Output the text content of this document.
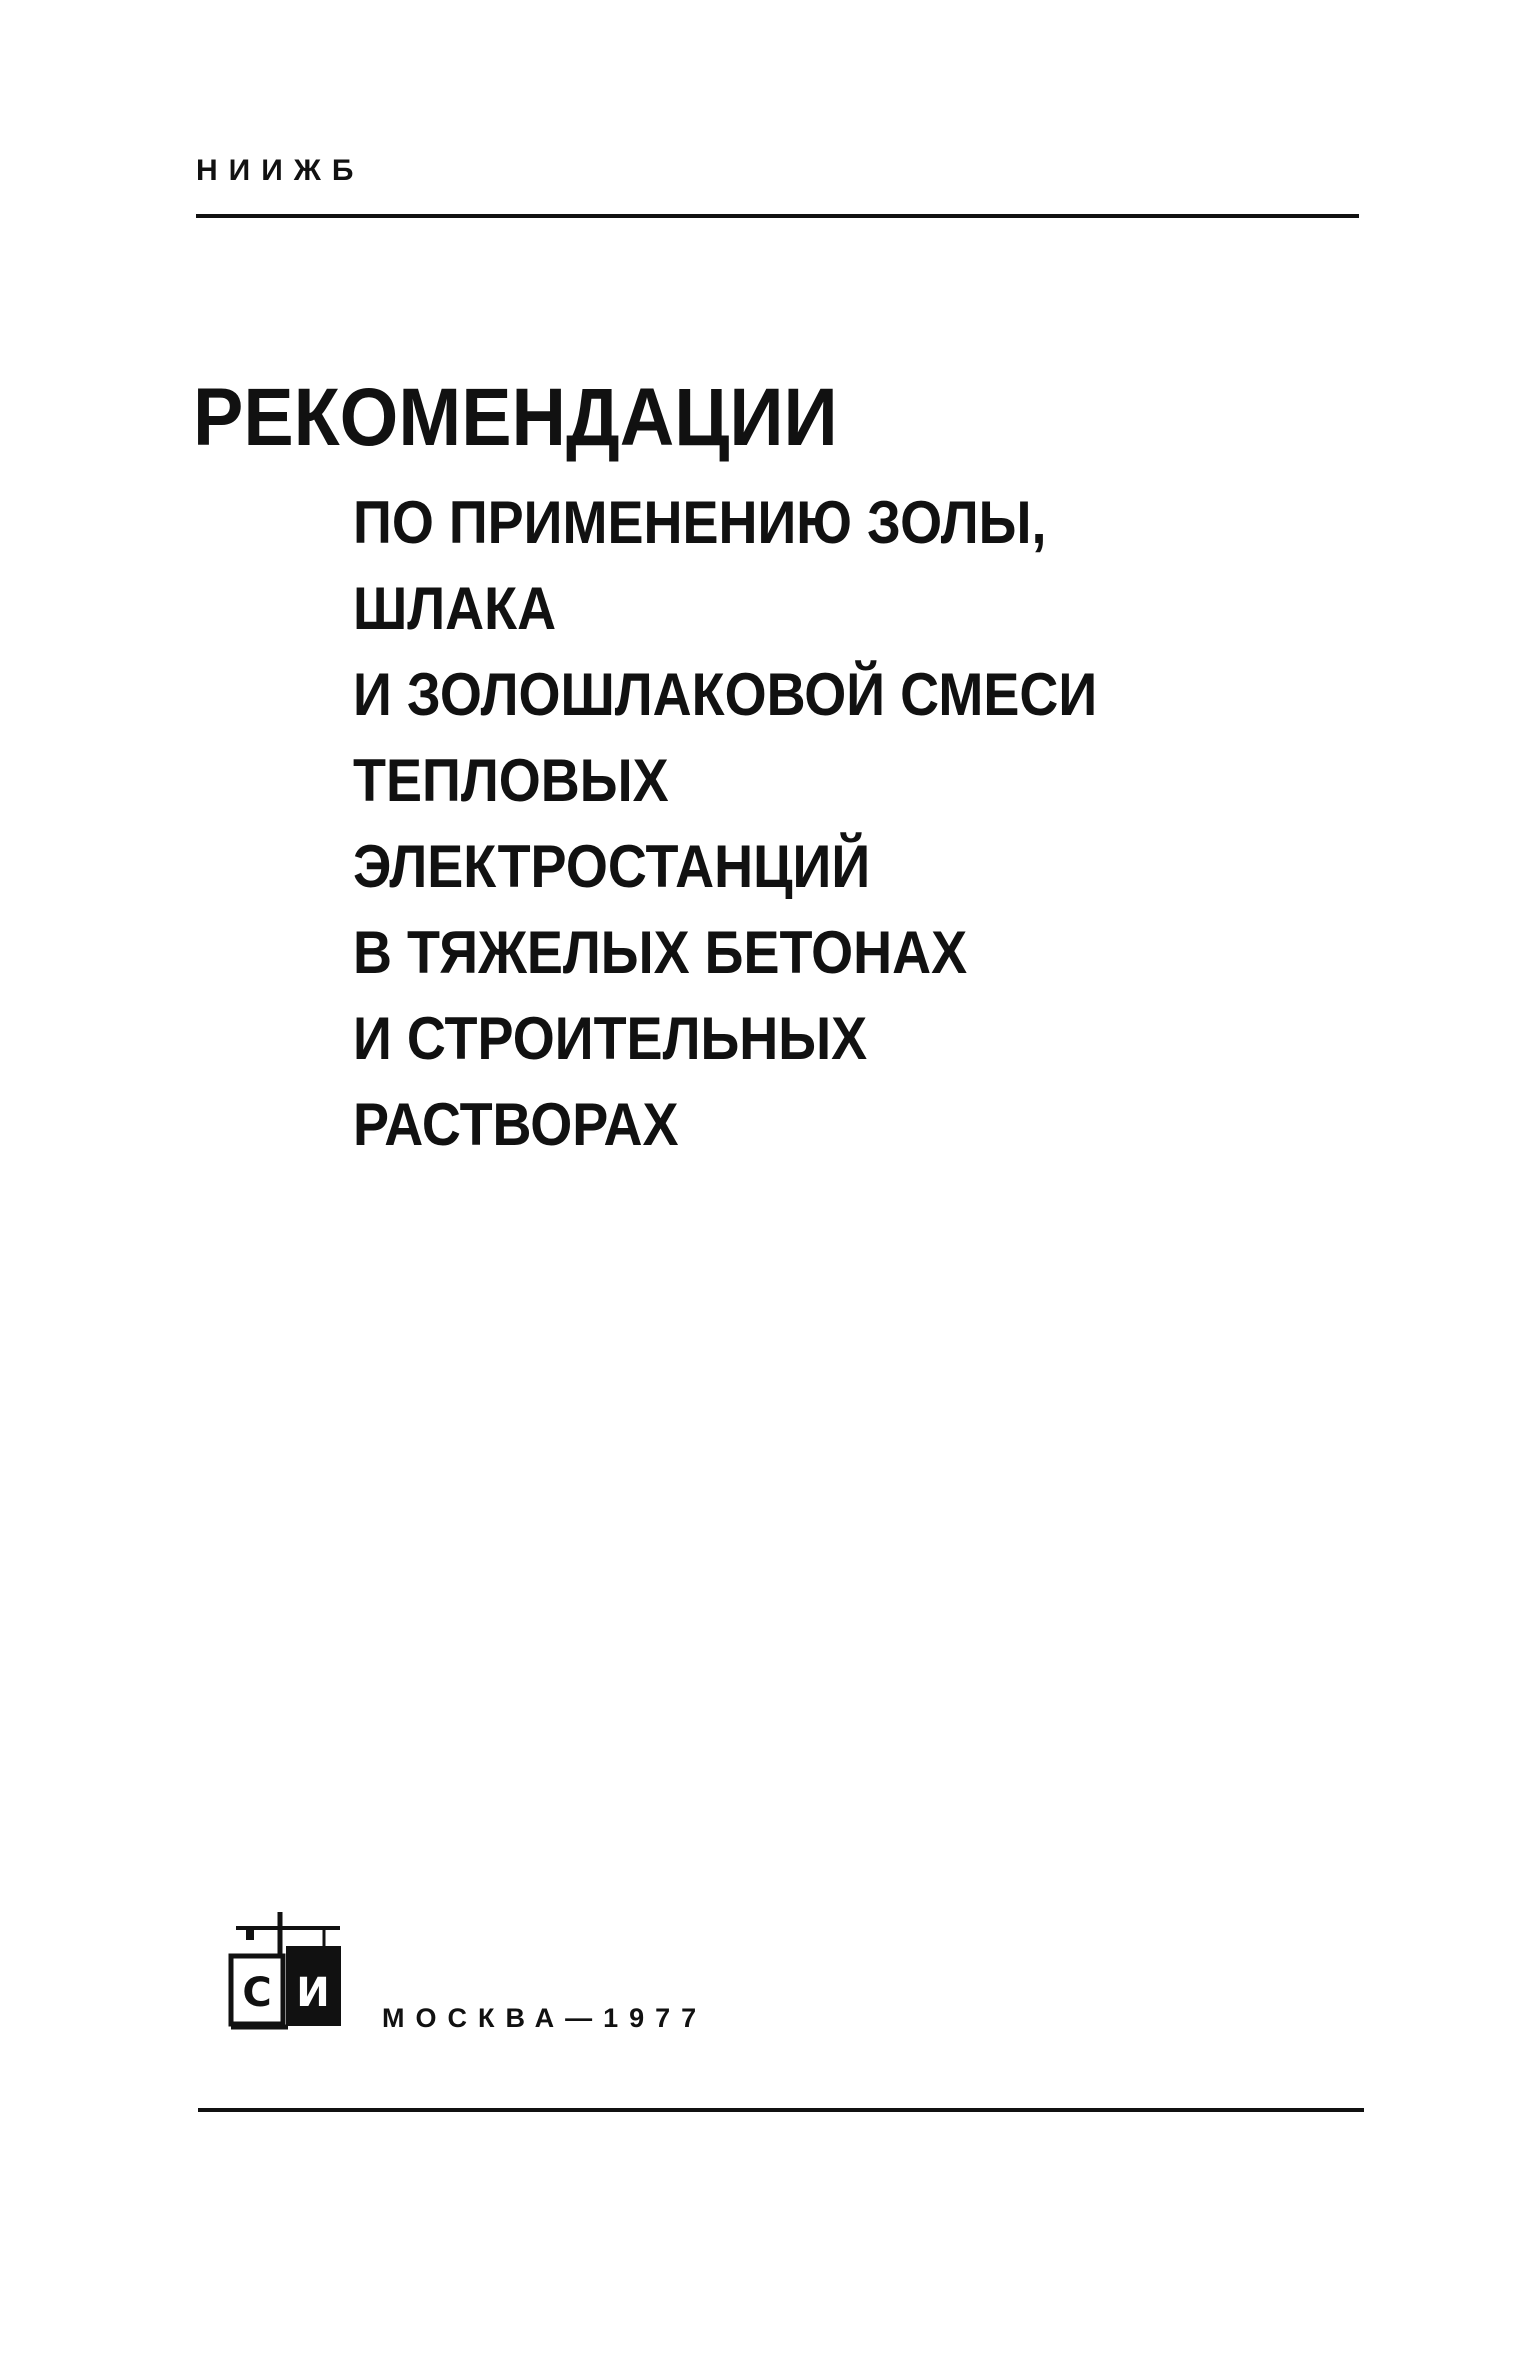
НИИЖБ
РЕКОМЕНДАЦИИ
ПО ПРИМЕНЕНИЮ ЗОЛЫ,
ШЛАКА
И ЗОЛОШЛАКОВОЙ СМЕСИ
ТЕПЛОВЫХ
ЭЛЕКТРОСТАНЦИЙ
В ТЯЖЕЛЫХ БЕТОНАХ
И СТРОИТЕЛЬНЫХ
РАСТВОРАХ
С И
МОСКВА—1977
